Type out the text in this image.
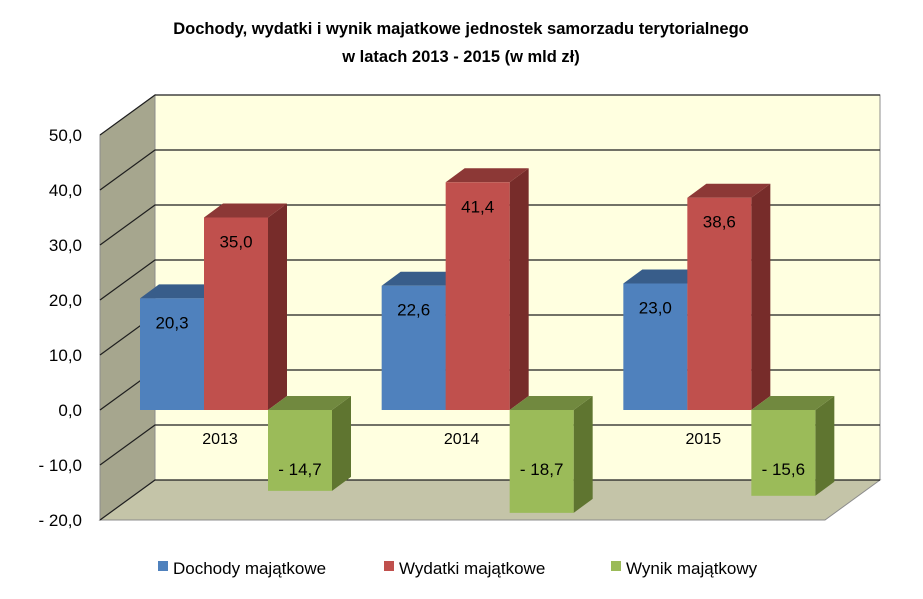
Dochody, wydatki i wynik majatkowe jednostek samorzadu terytorialnego
w latach 2013 - 2015 (w mld zł)
50,0
40,0
30,0
20,0
10,0
0,0
- 10,0
- 20,0
2013	2014	2015
20,3
35,0
- 14,7
22,6
41,4
- 18,7
23,0
38,6
- 15,6
Dochody majątkowe	Wydatki majątkowe	Wynik majątkowy
